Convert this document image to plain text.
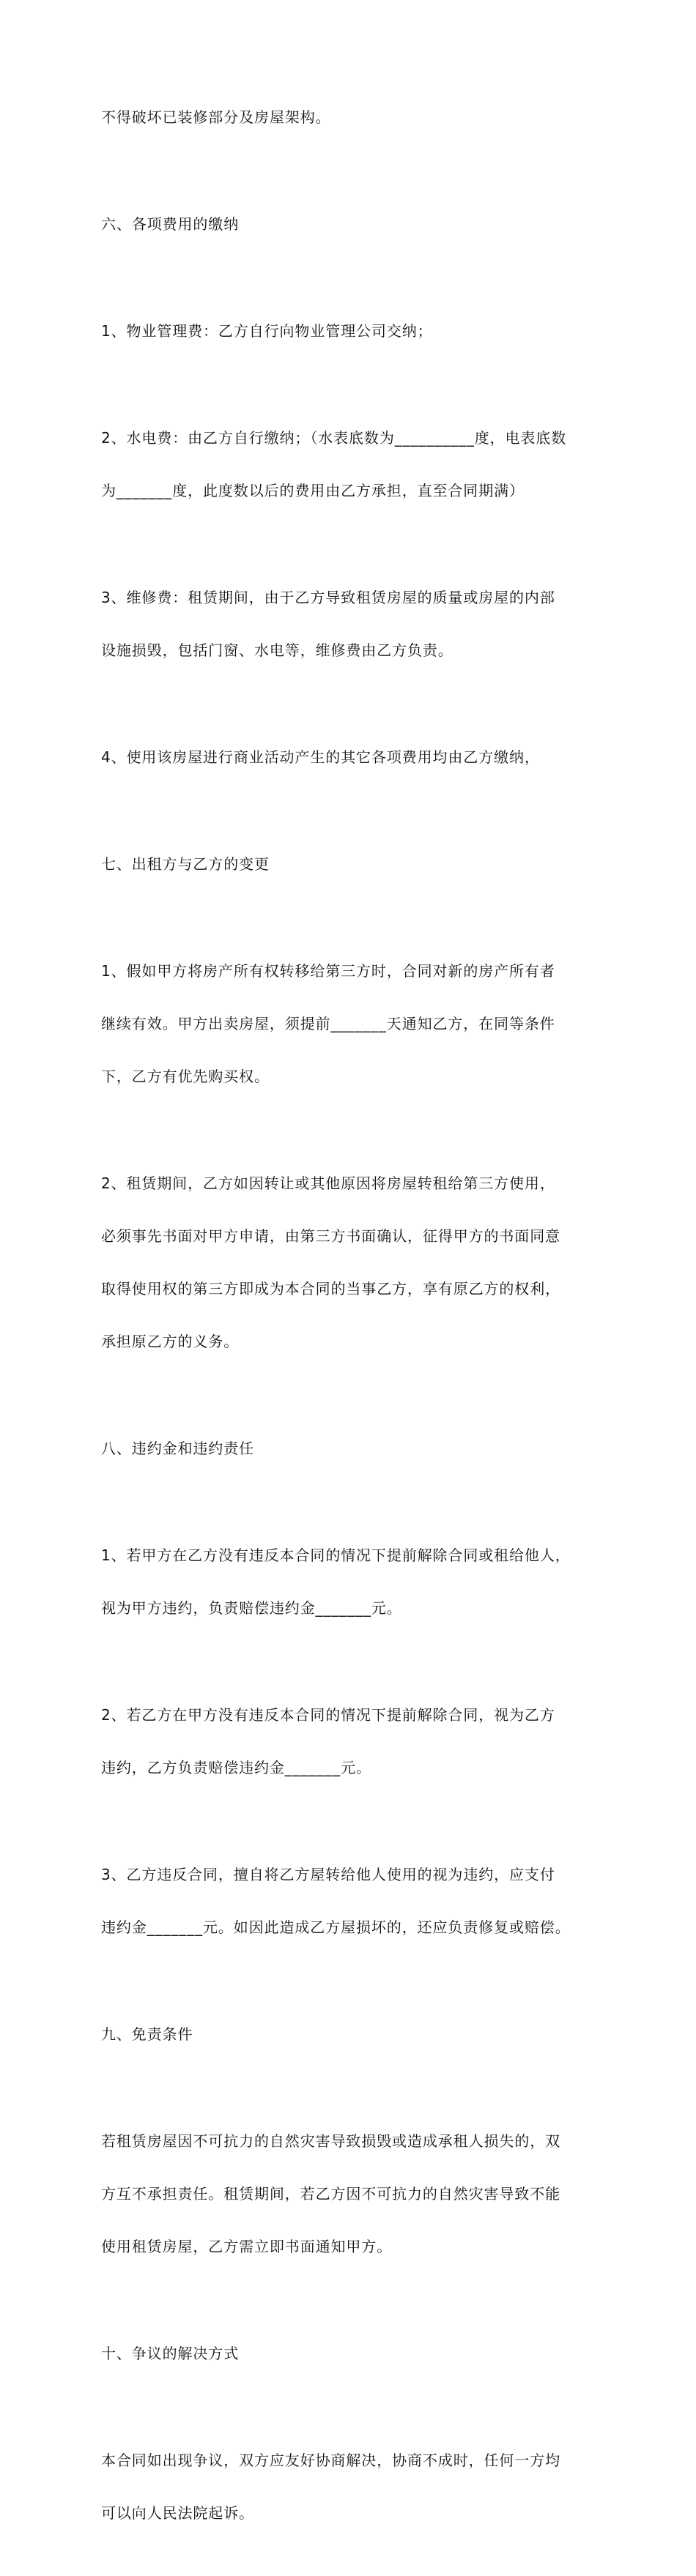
不得破坏已装修部分及房屋架构。

六、各项费用的缴纳

1、物业管理费：乙方自行向物业管理公司交纳；

2、水电费：由乙方自行缴纳；（水表底数为__________度，电表底数

为_______度，此度数以后的费用由乙方承担，直至合同期满）

3、维修费：租赁期间，由于乙方导致租赁房屋的质量或房屋的内部

设施损毁，包括门窗、水电等，维修费由乙方负责。

4、使用该房屋进行商业活动产生的其它各项费用均由乙方缴纳，

七、出租方与乙方的变更

1、假如甲方将房产所有权转移给第三方时，合同对新的房产所有者

继续有效。甲方出卖房屋，须提前_______天通知乙方，在同等条件

下，乙方有优先购买权。

2、租赁期间，乙方如因转让或其他原因将房屋转租给第三方使用，

必须事先书面对甲方申请，由第三方书面确认，征得甲方的书面同意

取得使用权的第三方即成为本合同的当事乙方，享有原乙方的权利，

承担原乙方的义务。

八、违约金和违约责任

1、若甲方在乙方没有违反本合同的情况下提前解除合同或租给他人，

视为甲方违约，负责赔偿违约金_______元。

2、若乙方在甲方没有违反本合同的情况下提前解除合同，视为乙方

违约，乙方负责赔偿违约金_______元。

3、乙方违反合同，擅自将乙方屋转给他人使用的视为违约，应支付

违约金_______元。如因此造成乙方屋损坏的，还应负责修复或赔偿。

九、免责条件

若租赁房屋因不可抗力的自然灾害导致损毁或造成承租人损失的，双

方互不承担责任。租赁期间，若乙方因不可抗力的自然灾害导致不能

使用租赁房屋，乙方需立即书面通知甲方。

十、争议的解决方式

本合同如出现争议，双方应友好协商解决，协商不成时，任何一方均

可以向人民法院起诉。
